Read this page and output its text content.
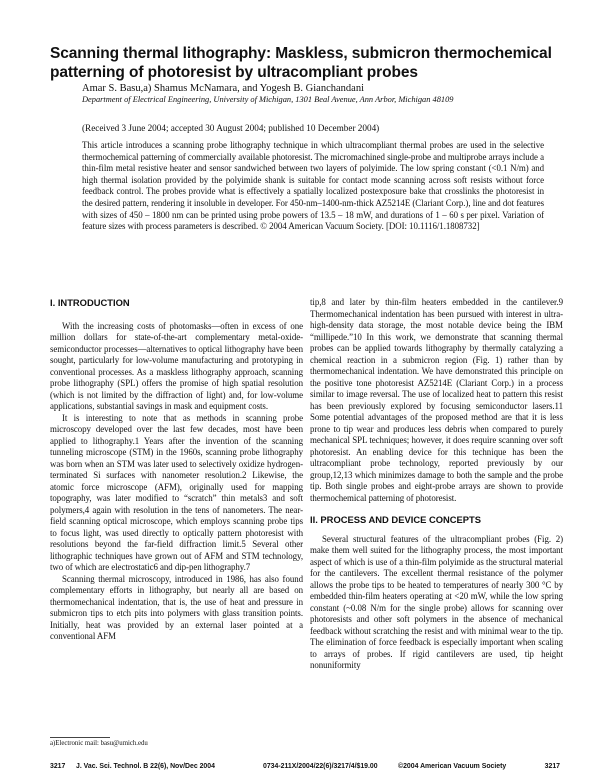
Scanning thermal lithography: Maskless, submicron thermochemical patterning of photoresist by ultracompliant probes
Amar S. Basu,a) Shamus McNamara, and Yogesh B. Gianchandani
Department of Electrical Engineering, University of Michigan, 1301 Beal Avenue, Ann Arbor, Michigan 48109
(Received 3 June 2004; accepted 30 August 2004; published 10 December 2004)
This article introduces a scanning probe lithography technique in which ultracompliant thermal probes are used in the selective thermochemical patterning of commercially available photoresist. The micromachined single-probe and multiprobe arrays include a thin-film metal resistive heater and sensor sandwiched between two layers of polyimide. The low spring constant (<0.1 N/m) and high thermal isolation provided by the polyimide shank is suitable for contact mode scanning across soft resists without force feedback control. The probes provide what is effectively a spatially localized postexposure bake that crosslinks the photoresist in the desired pattern, rendering it insoluble in developer. For 450-nm–1400-nm-thick AZ5214E (Clariant Corp.), line and dot features with sizes of 450 – 1800 nm can be printed using probe powers of 13.5 – 18 mW, and durations of 1 – 60 s per pixel. Variation of feature sizes with process parameters is described. © 2004 American Vacuum Society. [DOI: 10.1116/1.1808732]
I. INTRODUCTION

With the increasing costs of photomasks—often in excess of one million dollars for state-of-the-art complementary metal-oxide-semiconductor processes—alternatives to optical lithography have been sought, particularly for low-volume manufacturing and prototyping in conventional processes. As a maskless lithography approach, scanning probe lithography (SPL) offers the promise of high spatial resolution (which is not limited by the diffraction of light) and, for low-volume applications, substantial savings in mask and equipment costs.

It is interesting to note that as methods in scanning probe microscopy developed over the last few decades, most have been applied to lithography.1 Years after the invention of the scanning tunneling microscope (STM) in the 1960s, scanning probe lithography was born when an STM was later used to selectively oxidize hydrogen-terminated Si surfaces with nanometer resolution.2 Likewise, the atomic force microscope (AFM), originally used for mapping topography, was later modified to “scratch” thin metals3 and soft polymers,4 again with resolution in the tens of nanometers. The near-field scanning optical microscope, which employs scanning probe tips to focus light, was used directly to optically pattern photoresist with resolutions beyond the far-field diffraction limit.5 Several other lithographic techniques have grown out of AFM and STM technology, two of which are electrostatic6 and dip-pen lithography.7

Scanning thermal microscopy, introduced in 1986, has also found complementary efforts in lithography, but nearly all are based on thermomechanical indentation, that is, the use of heat and pressure in submicron tips to etch pits into polymers with glass transition points. Initially, heat was provided by an external laser pointed at a conventional AFM

tip,8 and later by thin-film heaters embedded in the cantilever.9 Thermomechanical indentation has been pursued with interest in ultra-high-density data storage, the most notable device being the IBM “millipede.”10 In this work, we demonstrate that scanning thermal probes can be applied towards lithography by thermally catalyzing a chemical reaction in a submicron region (Fig. 1) rather than by thermomechanical indentation. We have demonstrated this principle on the positive tone photoresist AZ5214E (Clariant Corp.) in a process similar to image reversal. The use of localized heat to pattern this resist has been previously explored by focusing semiconductor lasers.11 Some potential advantages of the proposed method are that it is less prone to tip wear and produces less debris when compared to purely mechanical SPL techniques; however, it does require scanning over soft photoresist. An enabling device for this technique has been the ultracompliant probe technology, reported previously by our group,12,13 which minimizes damage to both the sample and the probe tip. Both single probes and eight-probe arrays are shown to provide thermochemical patterning of photoresist.

II. PROCESS AND DEVICE CONCEPTS

Several structural features of the ultracompliant probes (Fig. 2) make them well suited for the lithography process, the most important aspect of which is use of a thin-film polyimide as the structural material for the cantilevers. The excellent thermal resistance of the polymer allows the probe tips to be heated to temperatures of nearly 300 °C by embedded thin-film heaters operating at <20 mW, while the low spring constant (~0.08 N/m for the single probe) allows for scanning over photoresists and other soft polymers in the absence of mechanical feedback without scratching the resist and with minimal wear to the tip. The elimination of force feedback is especially important when scaling to arrays of probes. If rigid cantilevers are used, tip height nonuniformity

a)Electronic mail: basu@umich.edu
3217 J. Vac. Sci. Technol. B 22(6), Nov/Dec 2004	0734-211X/2004/22(6)/3217/4/$19.00	©2004 American Vacuum Society	3217
